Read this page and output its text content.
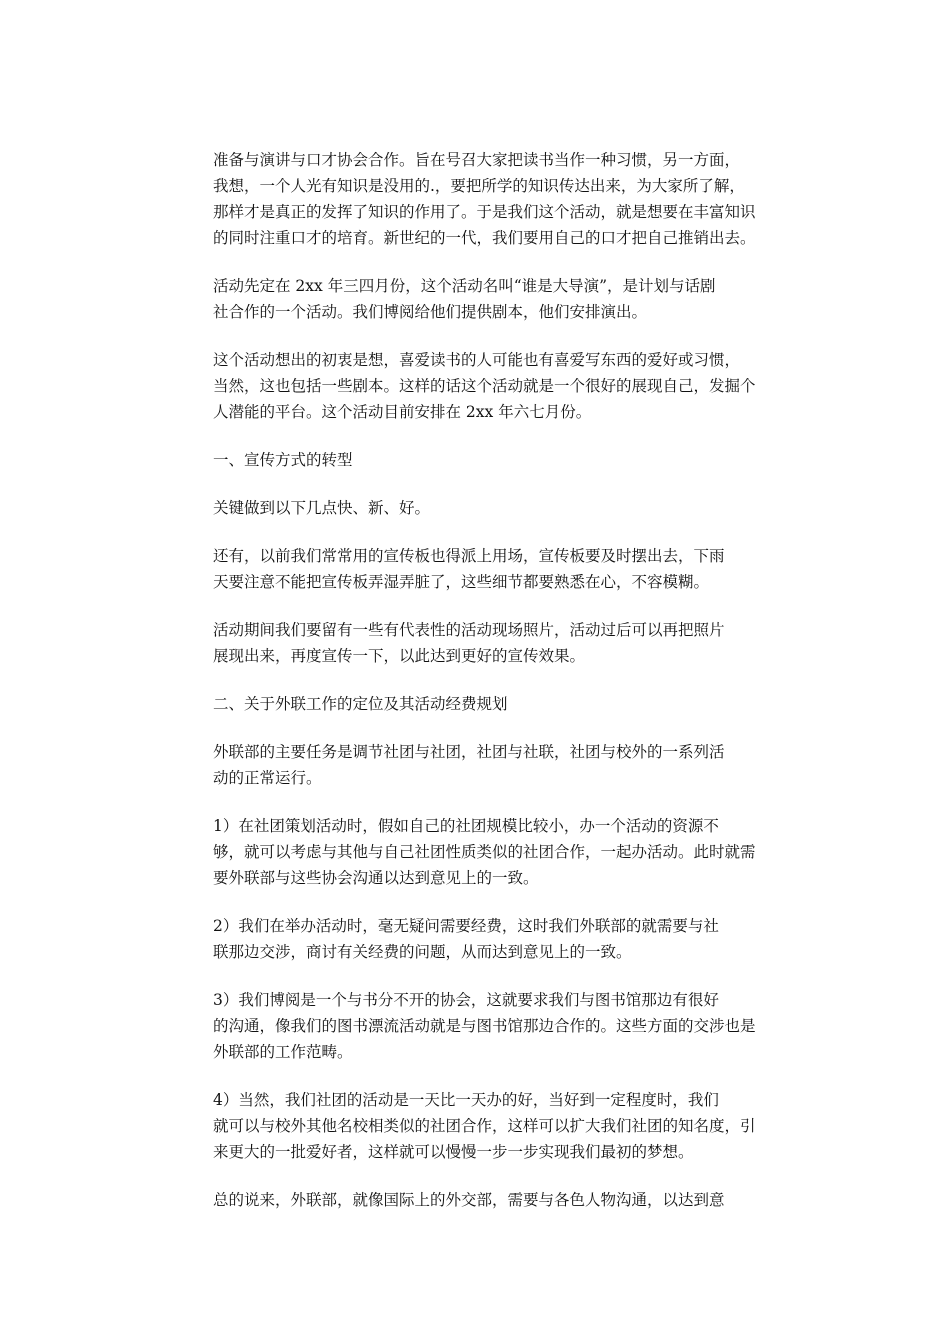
准备与演讲与口才协会合作。旨在号召大家把读书当作一种习惯，另一方面，
我想，一个人光有知识是没用的.，要把所学的知识传达出来，为大家所了解，
那样才是真正的发挥了知识的作用了。于是我们这个活动，就是想要在丰富知识
的同时注重口才的培育。新世纪的一代，我们要用自己的口才把自己推销出去。

活动先定在 2xx 年三四月份，这个活动名叫“谁是大导演”，是计划与话剧
社合作的一个活动。我们博阅给他们提供剧本，他们安排演出。

这个活动想出的初衷是想，喜爱读书的人可能也有喜爱写东西的爱好或习惯，
当然，这也包括一些剧本。这样的话这个活动就是一个很好的展现自己，发掘个
人潜能的平台。这个活动目前安排在 2xx 年六七月份。

一、宣传方式的转型

关键做到以下几点快、新、好。

还有，以前我们常常用的宣传板也得派上用场，宣传板要及时摆出去，下雨
天要注意不能把宣传板弄湿弄脏了，这些细节都要熟悉在心，不容模糊。

活动期间我们要留有一些有代表性的活动现场照片，活动过后可以再把照片
展现出来，再度宣传一下，以此达到更好的宣传效果。

二、关于外联工作的定位及其活动经费规划

外联部的主要任务是调节社团与社团，社团与社联，社团与校外的一系列活
动的正常运行。

1）在社团策划活动时，假如自己的社团规模比较小，办一个活动的资源不
够，就可以考虑与其他与自己社团性质类似的社团合作，一起办活动。此时就需
要外联部与这些协会沟通以达到意见上的一致。

2）我们在举办活动时，毫无疑问需要经费，这时我们外联部的就需要与社
联那边交涉，商讨有关经费的问题，从而达到意见上的一致。

3）我们博阅是一个与书分不开的协会，这就要求我们与图书馆那边有很好
的沟通，像我们的图书漂流活动就是与图书馆那边合作的。这些方面的交涉也是
外联部的工作范畴。

4）当然，我们社团的活动是一天比一天办的好，当好到一定程度时，我们
就可以与校外其他名校相类似的社团合作，这样可以扩大我们社团的知名度，引
来更大的一批爱好者，这样就可以慢慢一步一步实现我们最初的梦想。

总的说来，外联部，就像国际上的外交部，需要与各色人物沟通，以达到意
